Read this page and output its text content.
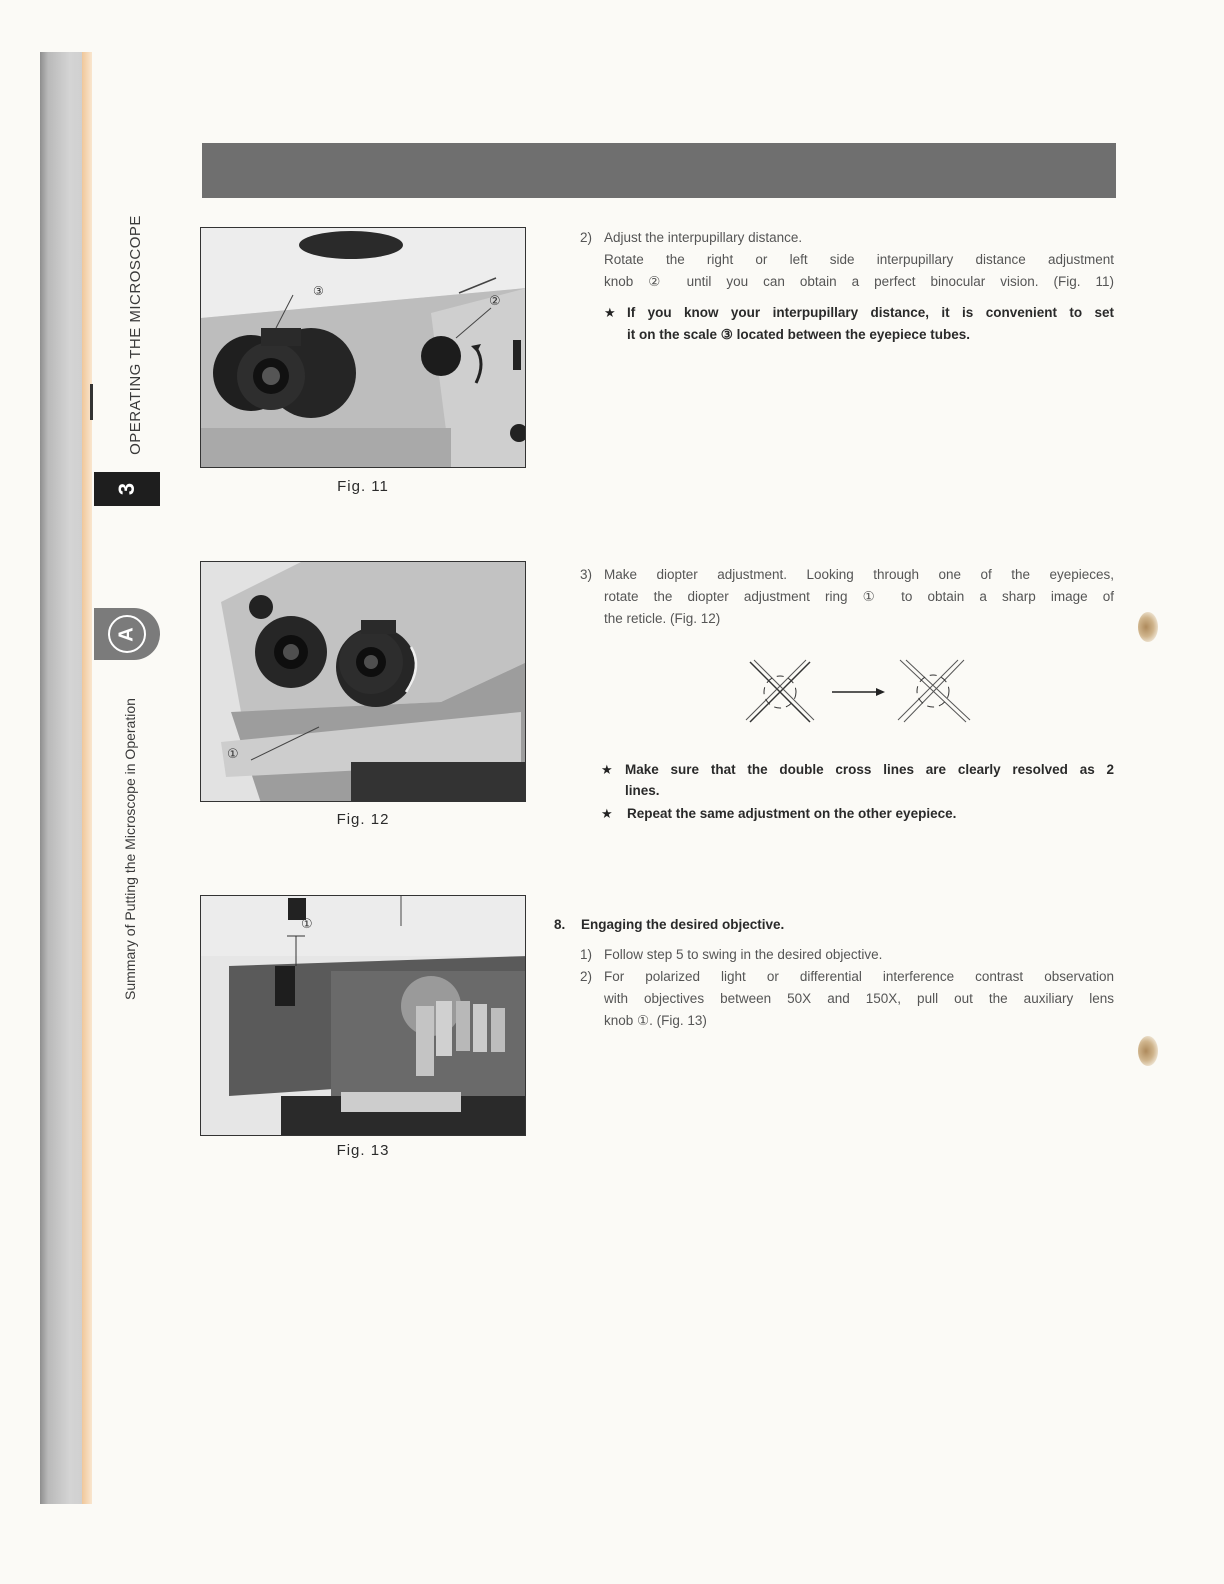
OPERATING THE MICROSCOPE
3
A
Summary of Putting the Microscope in Operation
③
②
Fig. 11
①
Fig. 12
①
Fig. 13
2) Adjust the interpupillary distance.
Rotate the right or left side interpupillary distance adjustment
knob ② until you can obtain a perfect binocular vision. (Fig. 11)
★ If you know your interpupillary distance, it is convenient to set
it on the scale ③ located between the eyepiece tubes.
3) Make diopter adjustment. Looking through one of the eyepieces,
rotate the diopter adjustment ring ① to obtain a sharp image of
the reticle. (Fig. 12)
★ Make sure that the double cross lines are clearly resolved as 2
lines.
★ Repeat the same adjustment on the other eyepiece.
8. Engaging the desired objective.
1) Follow step 5 to swing in the desired objective.
2) For polarized light or differential interference contrast observation
with objectives between 50X and 150X, pull out the auxiliary lens
knob ①. (Fig. 13)
